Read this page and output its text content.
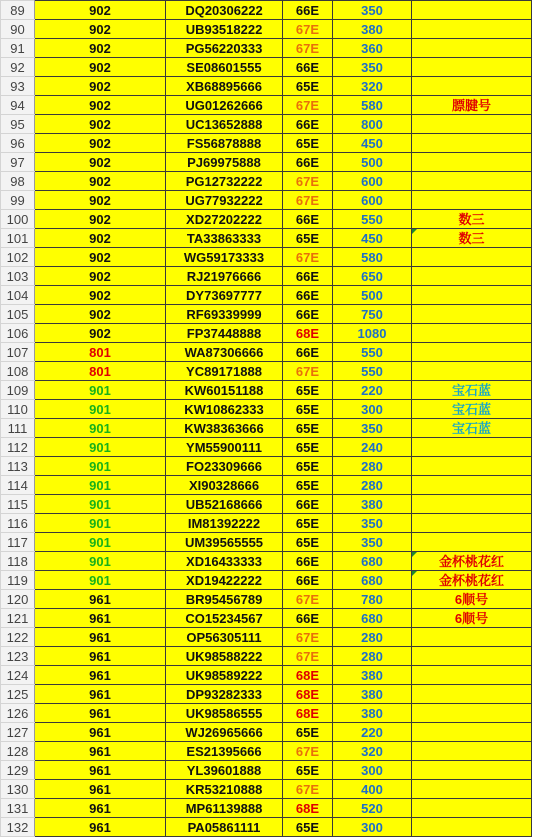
89	902	DQ20306222	66E	350	
90	902	UB93518222	67E	380	
91	902	PG56220333	67E	360	
92	902	SE08601555	66E	350	
93	902	XB68895666	65E	320	
94	902	UG01262666	67E	580	膘腱号
95	902	UC13652888	66E	800	
96	902	FS56878888	65E	450	
97	902	PJ69975888	66E	500	
98	902	PG12732222	67E	600	
99	902	UG77932222	67E	600	
100	902	XD27202222	66E	550	数三
101	902	TA33863333	65E	450	数三
102	902	WG59173333	67E	580	
103	902	RJ21976666	66E	650	
104	902	DY73697777	66E	500	
105	902	RF69339999	66E	750	
106	902	FP37448888	68E	1080	
107	801	WA87306666	66E	550	
108	801	YC89171888	67E	550	
109	901	KW60151188	65E	220	宝石蓝
110	901	KW10862333	65E	300	宝石蓝
111	901	KW38363666	65E	350	宝石蓝
112	901	YM55900111	65E	240	
113	901	FO23309666	65E	280	
114	901	XI90328666	65E	280	
115	901	UB52168666	66E	380	
116	901	IM81392222	65E	350	
117	901	UM39565555	65E	350	
118	901	XD16433333	66E	680	金杯桃花红
119	901	XD19422222	66E	680	金杯桃花红
120	961	BR95456789	67E	780	6顺号
121	961	CO15234567	66E	680	6顺号
122	961	OP56305111	67E	280	
123	961	UK98588222	67E	280	
124	961	UK98589222	68E	380	
125	961	DP93282333	68E	380	
126	961	UK98586555	68E	380	
127	961	WJ26965666	65E	220	
128	961	ES21395666	67E	320	
129	961	YL39601888	65E	300	
130	961	KR53210888	67E	400	
131	961	MP61139888	68E	520	
132	961	PA05861111	65E	300	
